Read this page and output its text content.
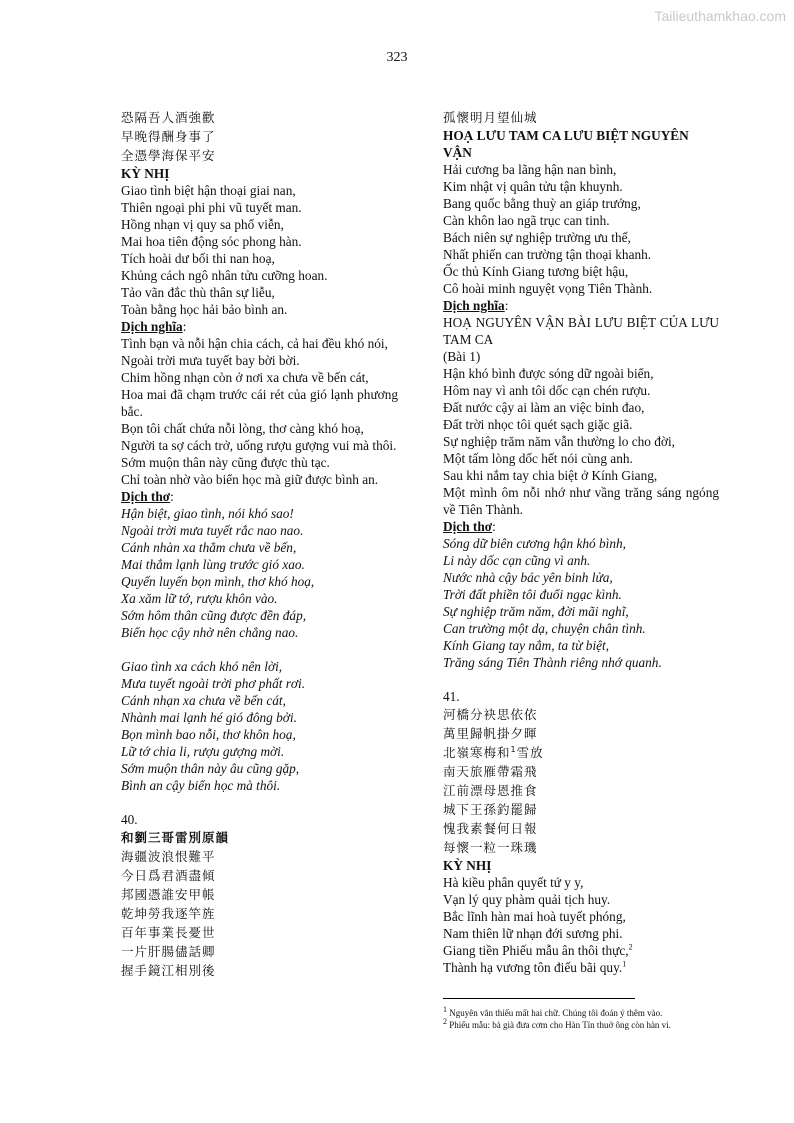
Tailieuthamkhao.com
323
恐隔吾人酒強歡
早晚得酬身事了
全憑學海保平安
KỲ NHỊ
Giao tình biệt hận thoại giai nan,
Thiên ngoại phi phi vũ tuyết man.
Hồng nhạn vị quy sa phố viễn,
Mai hoa tiên động sóc phong hàn.
Tích hoài dư bối thi nan hoạ,
Khủng cách ngô nhân tửu cưỡng hoan.
Tảo vãn đắc thù thân sự liễu,
Toàn bằng học hải bảo bình an.
Dịch nghĩa:
Tình bạn và nỗi hận chia cách, cả hai đều khó nói,
Ngoài trời mưa tuyết bay bời bời.
Chim hồng nhạn còn ở nơi xa chưa về bến cát,
Hoa mai đã chạm trước cái rét của gió lạnh phương bắc.
Bọn tôi chất chứa nỗi lòng, thơ càng khó hoạ,
Người ta sợ cách trở, uống rượu gượng vui mà thôi.
Sớm muộn thân này cũng được thù tạc.
Chỉ toàn nhờ vào biển học mà giữ được bình an.
Dịch thơ:
Hận biệt, giao tình, nói khó sao!
Ngoài trời mưa tuyết rắc nao nao.
Cánh nhàn xa thẳm chưa về bến,
Mai thắm lạnh lùng trước gió xao.
Quyến luyến bọn mình, thơ khó hoạ,
Xa xăm lữ tớ, rượu khôn vào.
Sớm hôm thân cũng được đền đáp,
Biển học cậy nhờ nên chẳng nao.
Giao tình xa cách khó nên lời,
Mưa tuyết ngoài trời phơ phất rơi.
Cánh nhạn xa chưa về bến cát,
Nhành mai lạnh hé gió đông bởi.
Bọn mình bao nỗi, thơ khôn hoạ,
Lữ tớ chia li, rượu gượng mời.
Sớm muộn thân này âu cũng gặp,
Bình an cậy biển học mà thôi.
40.
和劉三哥雷別原韻
海疆波浪恨難平
今日爲君酒盡傾
邦國憑誰安甲帳
乾坤勞我逐竿旌
百年事業長憂世
一片肝腸儘話卿
握手鏡江相別後
孤懷明月望仙城
HOẠ LƯU TAM CA LƯU BIỆT NGUYÊN VẬN
Hải cương ba lãng hận nan bình,
Kim nhật vị quân tửu tận khuynh.
Bang quốc bằng thuỳ an giáp trướng,
Càn khôn lao ngã trục can tinh.
Bách niên sự nghiệp trường ưu thế,
Nhất phiến can trường tận thoại khanh.
Ốc thủ Kính Giang tương biệt hậu,
Cô hoài minh nguyệt vọng Tiên Thành.
Dịch nghĩa:
HOẠ NGUYÊN VẬN BÀI LƯU BIỆT CỦA LƯU TAM CA
(Bài 1)
Hận khó bình được sóng dữ ngoài biển,
Hôm nay vì anh tôi dốc cạn chén rượu.
Đất nước cậy ai làm an việc binh đao,
Đất trời nhọc tôi quét sạch giặc giã.
Sự nghiệp trăm năm vẫn thường lo cho đời,
Một tấm lòng dốc hết nói cùng anh.
Sau khi nắm tay chia biệt ở Kính Giang,
Một mình ôm nỗi nhớ như vầng trăng sáng ngóng về Tiên Thành.
Dịch thơ:
Sóng dữ biên cương hận khó bình,
Li này dốc cạn cũng vì anh.
Nước nhà cậy bác yên binh lửa,
Trời đất phiền tôi đuổi ngạc kình.
Sự nghiệp trăm năm, đời mãi nghĩ,
Can trường một dạ, chuyện chân tình.
Kính Giang tay nắm, ta từ biệt,
Trăng sáng Tiên Thành riêng nhớ quanh.
41.
河橋分袂思依依
萬里歸帆掛夕暉
北嶺寒梅和$^1$雪放
南天旅雁帶霜飛
江前漂母恩推食
城下王孫釣罷歸
愧我素餐何日報
每懷一粒一珠璣
KỲ NHỊ
Hà kiều phân quyết tứ y y,
Vạn lý quy phàm quải tịch huy.
Bắc lĩnh hàn mai hoà tuyết phóng,
Nam thiên lữ nhạn đới sương phi.
Giang tiền Phiếu mẫu ân thôi thực,$^2$
Thành hạ vương tôn điếu bãi quy.$^1$
$^1$ Nguyên văn thiếu mất hai chữ. Chúng tôi đoán ý thêm vào.
$^2$ Phiếu mẫu: bà già đưa cơm cho Hàn Tín thuở ông còn hàn vi.
